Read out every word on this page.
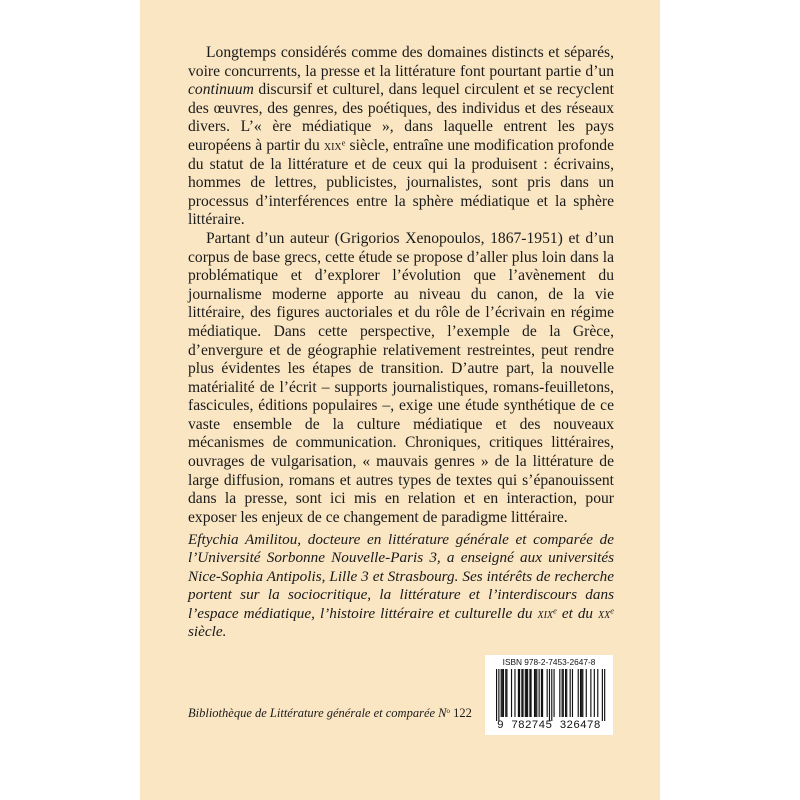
Longtemps considérés comme des domaines distincts et séparés, voire concurrents, la presse et la littérature font pourtant partie d’un continuum discursif et culturel, dans lequel circulent et se recyclent des œuvres, des genres, des poétiques, des individus et des réseaux divers. L’« ère médiatique », dans laquelle entrent les pays européens à partir du xix$^e$ siècle, entraîne une modification profonde du statut de la littérature et de ceux qui la produisent : écrivains, hommes de lettres, publicistes, journalistes, sont pris dans un processus d’interférences entre la sphère médiatique et la sphère littéraire.

Partant d’un auteur (Grigorios Xenopoulos, 1867-1951) et d’un corpus de base grecs, cette étude se propose d’aller plus loin dans la problématique et d’explorer l’évolution que l’avènement du journalisme moderne apporte au niveau du canon, de la vie littéraire, des figures auctoriales et du rôle de l’écrivain en régime médiatique. Dans cette perspective, l’exemple de la Grèce, d’envergure et de géographie relativement restreintes, peut rendre plus évidentes les étapes de transition. D’autre part, la nouvelle matérialité de l’écrit – supports journalistiques, romans-feuilletons, fascicules, éditions populaires –, exige une étude synthétique de ce vaste ensemble de la culture médiatique et des nouveaux mécanismes de communication. Chroniques, critiques littéraires, ouvrages de vulgarisation, « mauvais genres » de la littérature de large diffusion, romans et autres types de textes qui s’épanouissent dans la presse, sont ici mis en relation et en interaction, pour exposer les enjeux de ce changement de paradigme littéraire.

Eftychia Amilitou, docteure en littérature générale et comparée de l’Université Sorbonne Nouvelle-Paris 3, a enseigné aux universités Nice-Sophia Antipolis, Lille 3 et Strasbourg. Ses intérêts de recherche portent sur la sociocritique, la littérature et l’interdiscours dans l’espace médiatique, l’histoire littéraire et culturelle du xix$^e$ et du $xx^e$ siècle.

Bibliothèque de Littérature générale et comparée $N^o$ 122
ISBN 978-2-7453-2647-8
9 782745 326478
